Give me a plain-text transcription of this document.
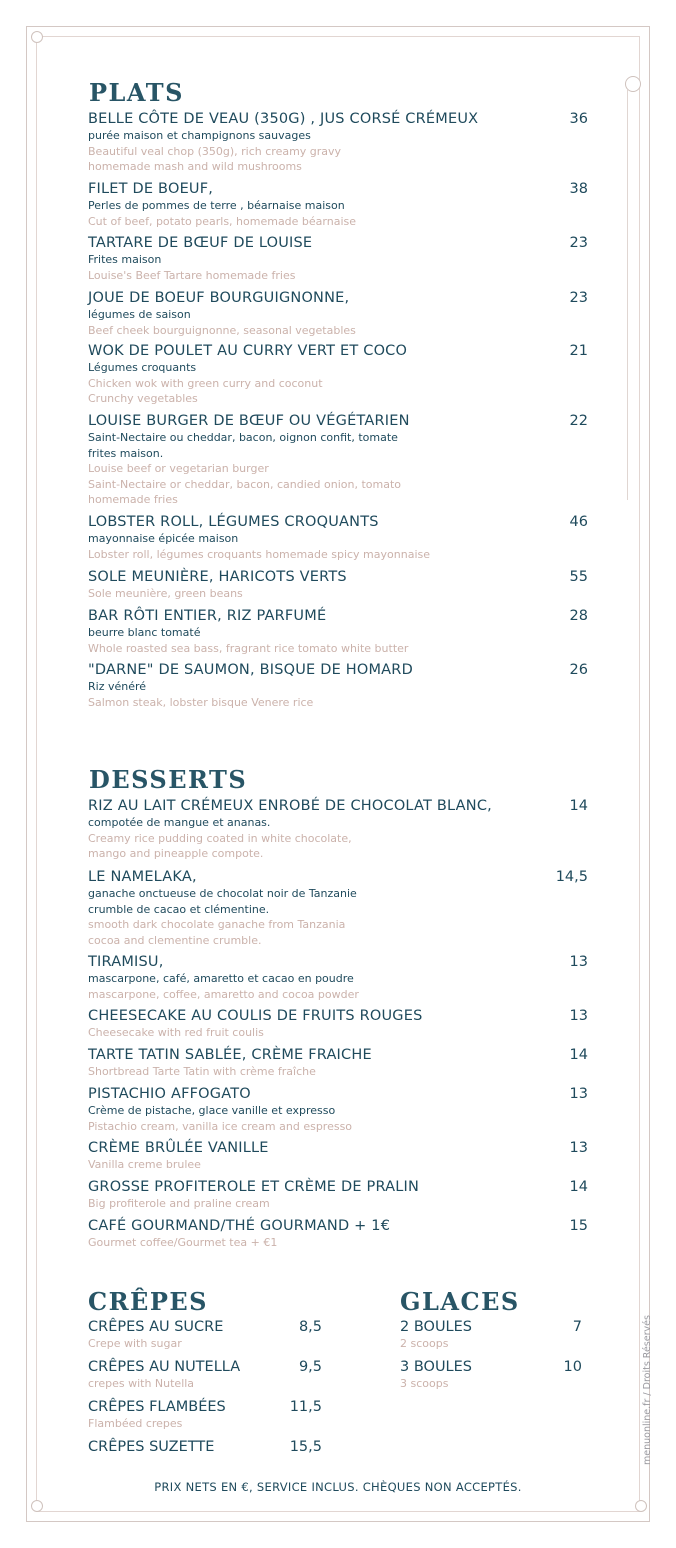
menuonline.fr / Droits Réservés
PLATS
BELLE CÔTE DE VEAU (350G) , JUS CORSÉ CRÉMEUX	36
purée maison et champignons sauvages
Beautiful veal chop (350g), rich creamy gravy
homemade mash and wild mushrooms
FILET DE BOEUF,	38
Perles de pommes de terre , béarnaise maison
Cut of beef, potato pearls, homemade béarnaise
TARTARE DE BŒUF DE LOUISE	23
Frites maison
Louise's Beef Tartare homemade fries
JOUE DE BOEUF BOURGUIGNONNE,	23
légumes de saison
Beef cheek bourguignonne, seasonal vegetables
WOK DE POULET AU CURRY VERT ET COCO	21
Légumes croquants
Chicken wok with green curry and coconut
Crunchy vegetables
LOUISE BURGER DE BŒUF OU VÉGÉTARIEN	22
Saint-Nectaire ou cheddar, bacon, oignon confit, tomate
frites maison.
Louise beef or vegetarian burger
Saint-Nectaire or cheddar, bacon, candied onion, tomato
homemade fries
LOBSTER ROLL, LÉGUMES CROQUANTS	46
mayonnaise épicée maison
Lobster roll, légumes croquants homemade spicy mayonnaise
SOLE MEUNIÈRE, HARICOTS VERTS	55
Sole meunière, green beans
BAR RÔTI ENTIER, RIZ PARFUMÉ	28
beurre blanc tomaté
Whole roasted sea bass, fragrant rice tomato white butter
"DARNE" DE SAUMON, BISQUE DE HOMARD	26
Riz vénéré
Salmon steak, lobster bisque Venere rice
DESSERTS
RIZ AU LAIT CRÉMEUX ENROBÉ DE CHOCOLAT BLANC,	14
compotée de mangue et ananas.
Creamy rice pudding coated in white chocolate,
mango and pineapple compote.
LE NAMELAKA,	14,5
ganache onctueuse de chocolat noir de Tanzanie
crumble de cacao et clémentine.
smooth dark chocolate ganache from Tanzania
cocoa and clementine crumble.
TIRAMISU,	13
mascarpone, café, amaretto et cacao en poudre
mascarpone, coffee, amaretto and cocoa powder
CHEESECAKE AU COULIS DE FRUITS ROUGES	13
Cheesecake with red fruit coulis
TARTE TATIN SABLÉE, CRÈME FRAICHE	14
Shortbread Tarte Tatin with crème fraîche
PISTACHIO AFFOGATO	13
Crème de pistache, glace vanille et expresso
Pistachio cream, vanilla ice cream and espresso
CRÈME BRÛLÉE VANILLE	13
Vanilla creme brulee
GROSSE PROFITEROLE ET CRÈME DE PRALIN	14
Big profiterole and praline cream
CAFÉ GOURMAND/THÉ GOURMAND + 1€	15
Gourmet coffee/Gourmet tea + €1
CRÊPES
CRÊPES AU SUCRE	8,5
Crepe with sugar
CRÊPES AU NUTELLA	9,5
crepes with Nutella
CRÊPES FLAMBÉES	11,5
Flambéed crepes
CRÊPES SUZETTE	15,5
GLACES
2 BOULES	7
2 scoops
3 BOULES	10
3 scoops
PRIX NETS EN €, SERVICE INCLUS. CHÈQUES NON ACCEPTÉS.
